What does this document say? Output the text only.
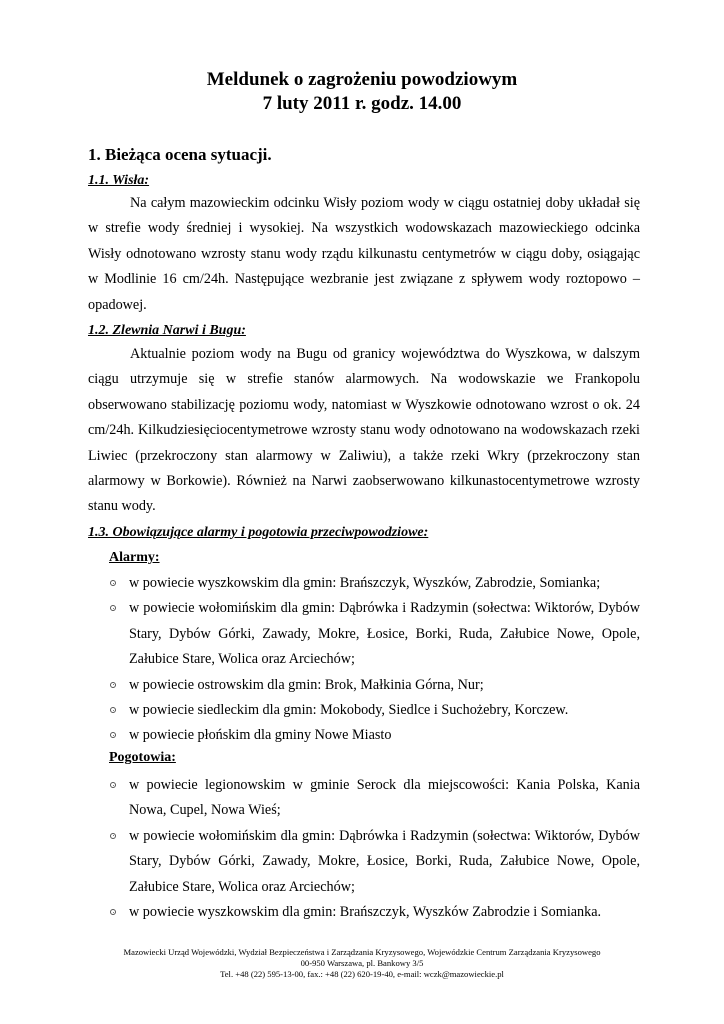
Meldunek o zagrożeniu powodziowym
7 luty 2011 r. godz. 14.00
1. Bieżąca ocena sytuacji.
1.1. Wisła:

Na całym mazowieckim odcinku Wisły poziom wody w ciągu ostatniej doby układał się w strefie wody średniej i wysokiej. Na wszystkich wodowskazach mazowieckiego odcinka Wisły odnotowano wzrosty stanu wody rządu kilkunastu centymetrów w ciągu doby, osiągając w Modlinie 16 cm/24h. Następujące wezbranie jest związane z spływem wody roztopowo – opadowej.

1.2. Zlewnia Narwi i Bugu:

Aktualnie poziom wody na Bugu od granicy województwa do Wyszkowa, w dalszym ciągu utrzymuje się w strefie stanów alarmowych. Na wodowskazie we Frankopolu obserwowano stabilizację poziomu wody, natomiast w Wyszkowie odnotowano wzrost o ok. 24 cm/24h. Kilkudziesięciocentymetrowe wzrosty stanu wody odnotowano na wodowskazach rzeki Liwiec (przekroczony stan alarmowy w Zaliwiu), a także rzeki Wkry (przekroczony stan alarmowy w Borkowie). Również na Narwi zaobserwowano kilkunastocentymetrowe wzrosty stanu wody.

1.3. Obowiązujące alarmy i pogotowia przeciwpowodziowe:
Alarmy:
w powiecie wyszkowskim dla gmin: Brańszczyk, Wyszków, Zabrodzie, Somianka;
w powiecie wołomińskim dla gmin: Dąbrówka i Radzymin (sołectwa: Wiktorów, Dybów Stary, Dybów Górki, Zawady, Mokre, Łosice, Borki, Ruda, Załubice Nowe, Opole, Załubice Stare, Wolica oraz Arciechów;
w powiecie ostrowskim dla gmin: Brok, Małkinia Górna, Nur;
w powiecie siedleckim dla gmin: Mokobody, Siedlce i Suchożebry, Korczew.
w powiecie płońskim dla gminy Nowe Miasto
Pogotowia:
w powiecie legionowskim w gminie Serock dla miejscowości: Kania Polska, Kania Nowa, Cupel, Nowa Wieś;
w powiecie wołomińskim dla gmin: Dąbrówka i Radzymin (sołectwa: Wiktorów, Dybów Stary, Dybów Górki, Zawady, Mokre, Łosice, Borki, Ruda, Załubice Nowe, Opole, Załubice Stare, Wolica oraz Arciechów;
w powiecie wyszkowskim dla gmin: Brańszczyk, Wyszków Zabrodzie i Somianka.
Mazowiecki Urząd Wojewódzki, Wydział Bezpieczeństwa i Zarządzania Kryzysowego, Wojewódzkie Centrum Zarządzania Kryzysowego
00-950 Warszawa, pl. Bankowy 3/5
Tel. +48 (22) 595-13-00, fax.: +48 (22) 620-19-40, e-mail: wczk@mazowieckie.pl
